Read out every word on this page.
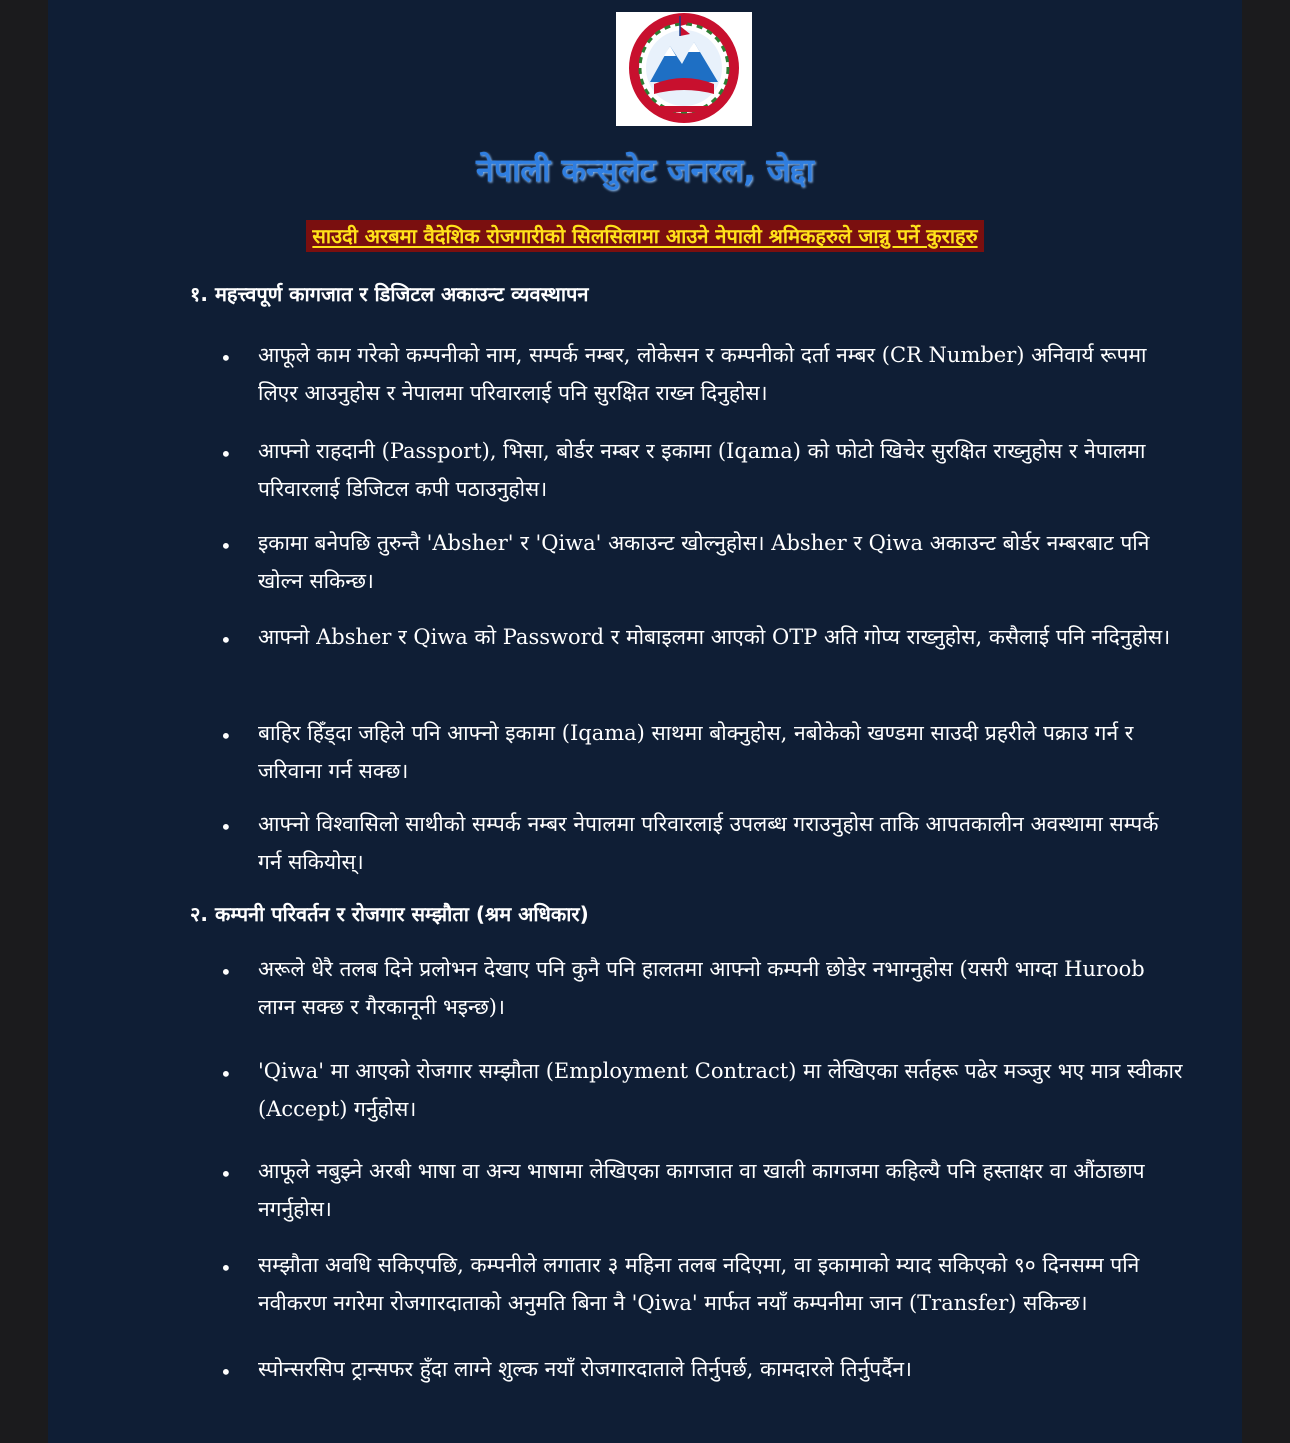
नेपाली कन्सुलेट जनरल, जेद्दा
साउदी अरबमा वैदेशिक रोजगारीको सिलसिलामा आउने नेपाली श्रमिकहरुले जान्नु पर्ने कुराहरु
१. महत्त्वपूर्ण कागजात र डिजिटल अकाउन्ट व्यवस्थापन
• आफूले काम गरेको कम्पनीको नाम, सम्पर्क नम्बर, लोकेसन र कम्पनीको दर्ता नम्बर (CR Number) अनिवार्य रूपमा लिएर आउनुहोस र नेपालमा परिवारलाई पनि सुरक्षित राख्न दिनुहोस।
• आफ्नो राहदानी (Passport), भिसा, बोर्डर नम्बर र इकामा (Iqama) को फोटो खिचेर सुरक्षित राख्नुहोस र नेपालमा परिवारलाई डिजिटल कपी पठाउनुहोस।
• इकामा बनेपछि तुरुन्तै 'Absher' र 'Qiwa' अकाउन्ट खोल्नुहोस। Absher र Qiwa अकाउन्ट बोर्डर नम्बरबाट पनि खोल्न सकिन्छ।
• आफ्नो Absher र Qiwa को Password र मोबाइलमा आएको OTP अति गोप्य राख्नुहोस, कसैलाई पनि नदिनुहोस।
• बाहिर हिँड्दा जहिले पनि आफ्नो इकामा (Iqama) साथमा बोक्नुहोस, नबोकेको खण्डमा साउदी प्रहरीले पक्राउ गर्न र जरिवाना गर्न सक्छ।
• आफ्नो विश्वासिलो साथीको सम्पर्क नम्बर नेपालमा परिवारलाई उपलब्ध गराउनुहोस ताकि आपतकालीन अवस्थामा सम्पर्क गर्न सकियोस्।
२. कम्पनी परिवर्तन र रोजगार सम्झौता (श्रम अधिकार)
• अरूले धेरै तलब दिने प्रलोभन देखाए पनि कुनै पनि हालतमा आफ्नो कम्पनी छोडेर नभाग्नुहोस (यसरी भाग्दा Huroob लाग्न सक्छ र गैरकानूनी भइन्छ)।
• 'Qiwa' मा आएको रोजगार सम्झौता (Employment Contract) मा लेखिएका सर्तहरू पढेर मञ्जुर भए मात्र स्वीकार (Accept) गर्नुहोस।
• आफूले नबुझ्ने अरबी भाषा वा अन्य भाषामा लेखिएका कागजात वा खाली कागजमा कहिल्यै पनि हस्ताक्षर वा औंठाछाप नगर्नुहोस।
• सम्झौता अवधि सकिएपछि, कम्पनीले लगातार ३ महिना तलब नदिएमा, वा इकामाको म्याद सकिएको ९० दिनसम्म पनि नवीकरण नगरेमा रोजगारदाताको अनुमति बिना नै 'Qiwa' मार्फत नयाँ कम्पनीमा जान (Transfer) सकिन्छ।
• स्पोन्सरसिप ट्रान्सफर हुँदा लाग्ने शुल्क नयाँ रोजगारदाताले तिर्नुपर्छ, कामदारले तिर्नुपर्दैन।
